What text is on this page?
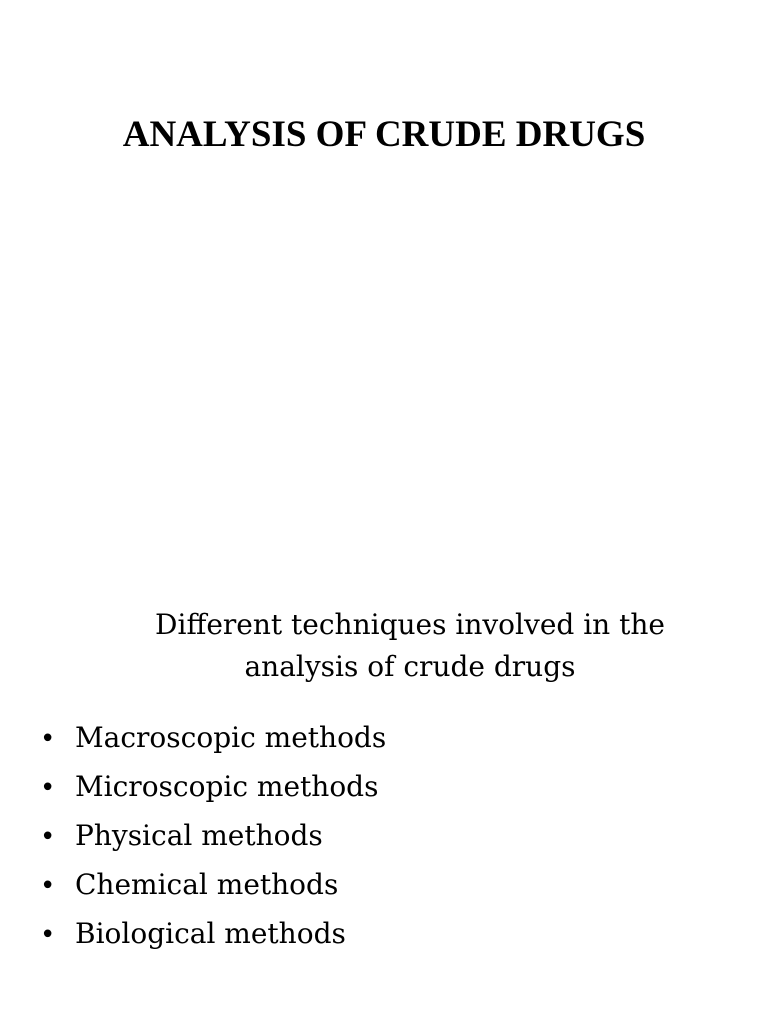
ANALYSIS OF CRUDE DRUGS

Different techniques involved in the analysis of crude drugs

• Macroscopic methods
• Microscopic methods
• Physical methods
• Chemical methods
• Biological methods
